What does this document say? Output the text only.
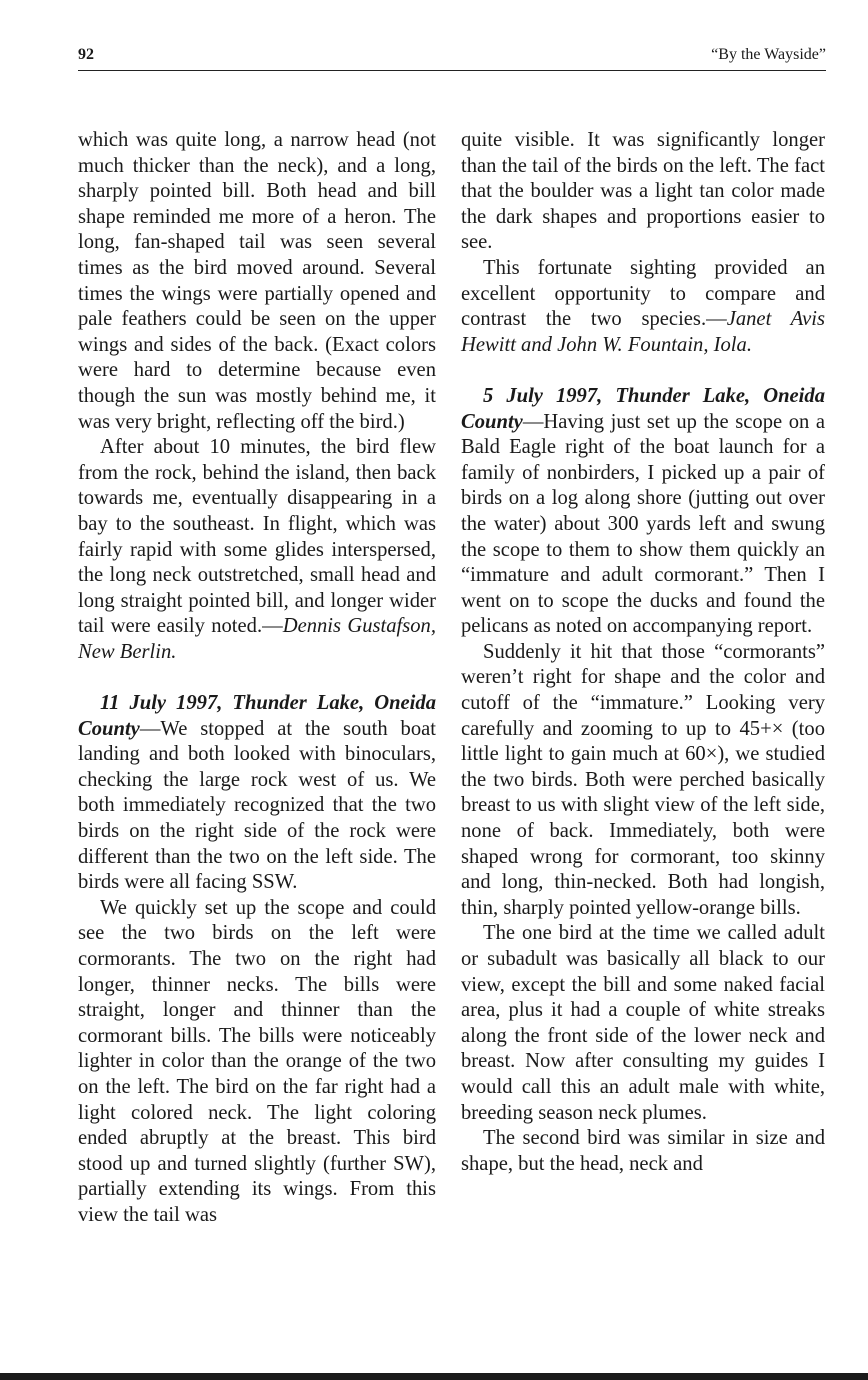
92	“By the Wayside”

which was quite long, a narrow head (not much thicker than the neck), and a long, sharply pointed bill. Both head and bill shape reminded me more of a heron. The long, fan-shaped tail was seen several times as the bird moved around. Several times the wings were partially opened and pale feathers could be seen on the upper wings and sides of the back. (Exact colors were hard to determine because even though the sun was mostly behind me, it was very bright, reflecting off the bird.)

After about 10 minutes, the bird flew from the rock, behind the island, then back towards me, eventually disappearing in a bay to the southeast. In flight, which was fairly rapid with some glides interspersed, the long neck outstretched, small head and long straight pointed bill, and longer wider tail were easily noted.—Dennis Gustafson, New Berlin.

11 July 1997, Thunder Lake, Oneida County—We stopped at the south boat landing and both looked with binoculars, checking the large rock west of us. We both immediately recognized that the two birds on the right side of the rock were different than the two on the left side. The birds were all facing SSW.

We quickly set up the scope and could see the two birds on the left were cormorants. The two on the right had longer, thinner necks. The bills were straight, longer and thinner than the cormorant bills. The bills were noticeably lighter in color than the orange of the two on the left. The bird on the far right had a light colored neck. The light coloring ended abruptly at the breast. This bird stood up and turned slightly (further SW), partially extending its wings. From this view the tail was

quite visible. It was significantly longer than the tail of the birds on the left. The fact that the boulder was a light tan color made the dark shapes and proportions easier to see.

This fortunate sighting provided an excellent opportunity to compare and contrast the two species.—Janet Avis Hewitt and John W. Fountain, Iola.

5 July 1997, Thunder Lake, Oneida County—Having just set up the scope on a Bald Eagle right of the boat launch for a family of nonbirders, I picked up a pair of birds on a log along shore (jutting out over the water) about 300 yards left and swung the scope to them to show them quickly an “immature and adult cormorant.” Then I went on to scope the ducks and found the pelicans as noted on accompanying report.

Suddenly it hit that those “cormorants” weren’t right for shape and the color and cutoff of the “immature.” Looking very carefully and zooming to up to 45+× (too little light to gain much at 60×), we studied the two birds. Both were perched basically breast to us with slight view of the left side, none of back. Immediately, both were shaped wrong for cormorant, too skinny and long, thin-necked. Both had longish, thin, sharply pointed yellow-orange bills.

The one bird at the time we called adult or subadult was basically all black to our view, except the bill and some naked facial area, plus it had a couple of white streaks along the front side of the lower neck and breast. Now after consulting my guides I would call this an adult male with white, breeding season neck plumes.

The second bird was similar in size and shape, but the head, neck and
